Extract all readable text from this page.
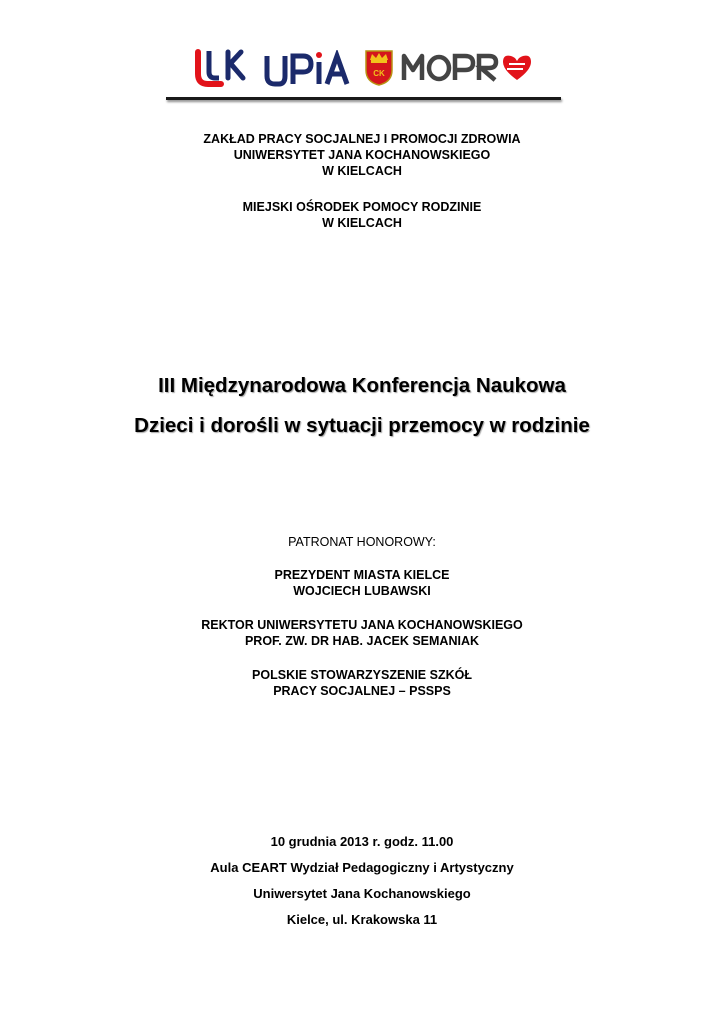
CK
ZAKŁAD PRACY SOCJALNEJ I PROMOCJI ZDROWIA
UNIWERSYTET JANA KOCHANOWSKIEGO
W KIELCACH
MIEJSKI OŚRODEK POMOCY RODZINIE
W KIELCACH
III Międzynarodowa Konferencja Naukowa
Dzieci i dorośli w sytuacji przemocy w rodzinie
PATRONAT HONOROWY:
PREZYDENT MIASTA KIELCE
WOJCIECH LUBAWSKI
REKTOR UNIWERSYTETU JANA KOCHANOWSKIEGO
PROF. ZW. DR HAB. JACEK SEMANIAK
POLSKIE STOWARZYSZENIE SZKÓŁ
PRACY SOCJALNEJ – PSSPS
10 grudnia 2013 r. godz. 11.00
Aula CEART Wydział Pedagogiczny i Artystyczny
Uniwersytet Jana Kochanowskiego
Kielce, ul. Krakowska 11
